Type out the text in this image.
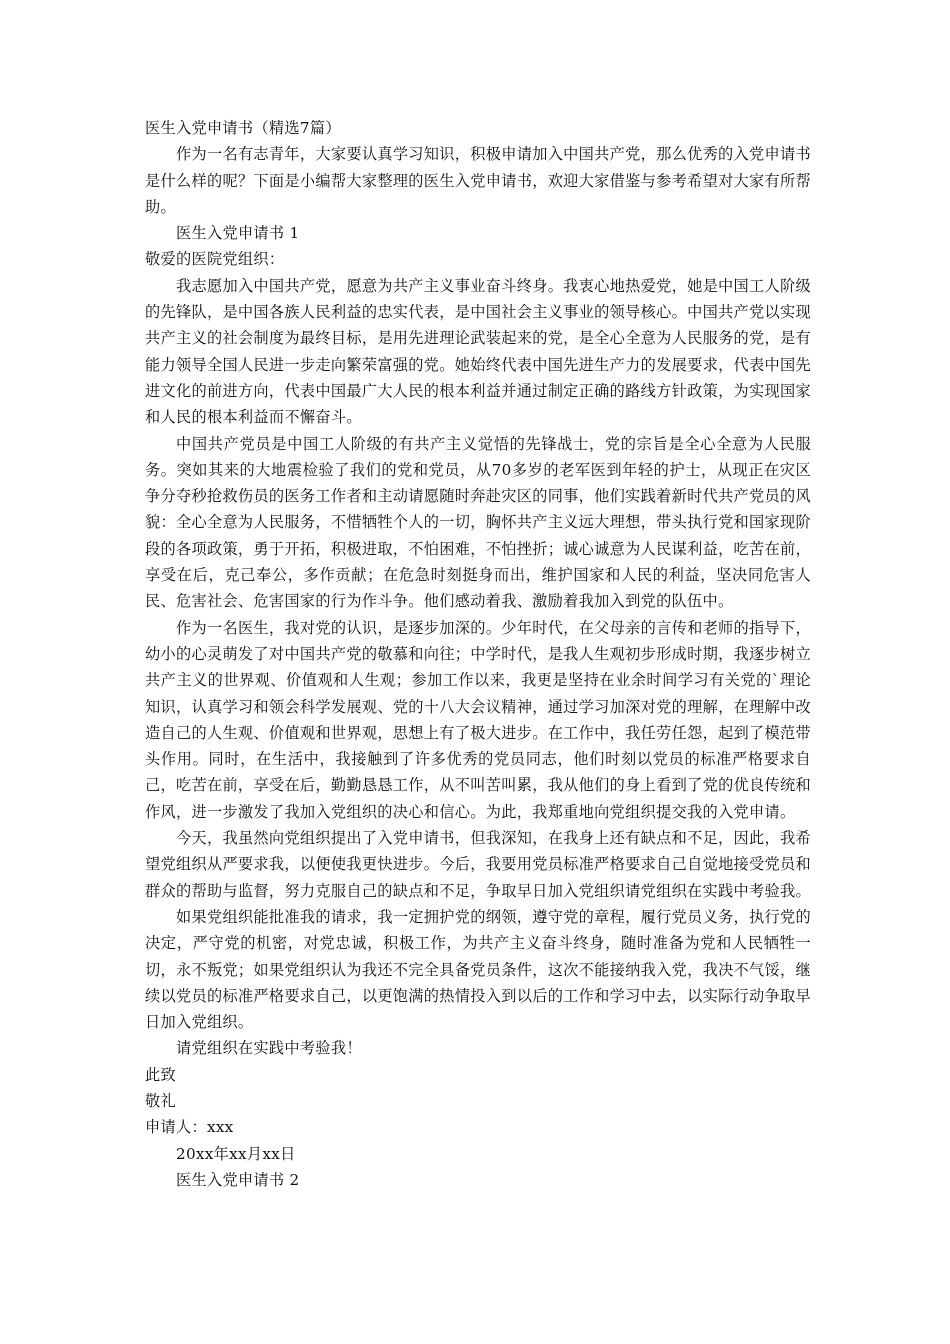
医生入党申请书（精选7篇）

作为一名有志青年，大家要认真学习知识，积极申请加入中国共产党，那么优秀的入党申请书是什么样的呢？下面是小编帮大家整理的医生入党申请书，欢迎大家借鉴与参考希望对大家有所帮助。

医生入党申请书 1

敬爱的医院党组织：

我志愿加入中国共产党，愿意为共产主义事业奋斗终身。我衷心地热爱党，她是中国工人阶级的先锋队，是中国各族人民利益的忠实代表，是中国社会主义事业的领导核心。中国共产党以实现共产主义的社会制度为最终目标，是用先进理论武装起来的党，是全心全意为人民服务的党，是有能力领导全国人民进一步走向繁荣富强的党。她始终代表中国先进生产力的发展要求，代表中国先进文化的前进方向，代表中国最广大人民的根本利益并通过制定正确的路线方针政策，为实现国家和人民的根本利益而不懈奋斗。

中国共产党员是中国工人阶级的有共产主义觉悟的先锋战士，党的宗旨是全心全意为人民服务。突如其来的大地震检验了我们的党和党员，从70多岁的老军医到年轻的护士，从现正在灾区争分夺秒抢救伤员的医务工作者和主动请愿随时奔赴灾区的同事，他们实践着新时代共产党员的风貌：全心全意为人民服务，不惜牺牲个人的一切，胸怀共产主义远大理想，带头执行党和国家现阶段的各项政策，勇于开拓，积极进取，不怕困难，不怕挫折；诚心诚意为人民谋利益，吃苦在前，享受在后，克己奉公，多作贡献；在危急时刻挺身而出，维护国家和人民的利益，坚决同危害人民、危害社会、危害国家的行为作斗争。他们感动着我、激励着我加入到党的队伍中。

作为一名医生，我对党的认识，是逐步加深的。少年时代，在父母亲的言传和老师的指导下，幼小的心灵萌发了对中国共产党的敬慕和向往；中学时代，是我人生观初步形成时期，我逐步树立共产主义的世界观、价值观和人生观；参加工作以来，我更是坚持在业余时间学习有关党的`理论知识，认真学习和领会科学发展观、党的十八大会议精神，通过学习加深对党的理解，在理解中改造自己的人生观、价值观和世界观，思想上有了极大进步。在工作中，我任劳任怨，起到了模范带头作用。同时，在生活中，我接触到了许多优秀的党员同志，他们时刻以党员的标准严格要求自己，吃苦在前，享受在后，勤勤恳恳工作，从不叫苦叫累，我从他们的身上看到了党的优良传统和作风，进一步激发了我加入党组织的决心和信心。为此，我郑重地向党组织提交我的入党申请。

今天，我虽然向党组织提出了入党申请书，但我深知，在我身上还有缺点和不足，因此，我希望党组织从严要求我，以便使我更快进步。今后，我要用党员标准严格要求自己自觉地接受党员和群众的帮助与监督，努力克服自己的缺点和不足，争取早日加入党组织请党组织在实践中考验我。

如果党组织能批准我的请求，我一定拥护党的纲领，遵守党的章程，履行党员义务，执行党的决定，严守党的机密，对党忠诚，积极工作，为共产主义奋斗终身，随时准备为党和人民牺牲一切，永不叛党；如果党组织认为我还不完全具备党员条件，这次不能接纳我入党，我决不气馁，继续以党员的标准严格要求自己，以更饱满的热情投入到以后的工作和学习中去，以实际行动争取早日加入党组织。

请党组织在实践中考验我！

此致

敬礼

申请人：xxx

20xx年xx月xx日

医生入党申请书 2
